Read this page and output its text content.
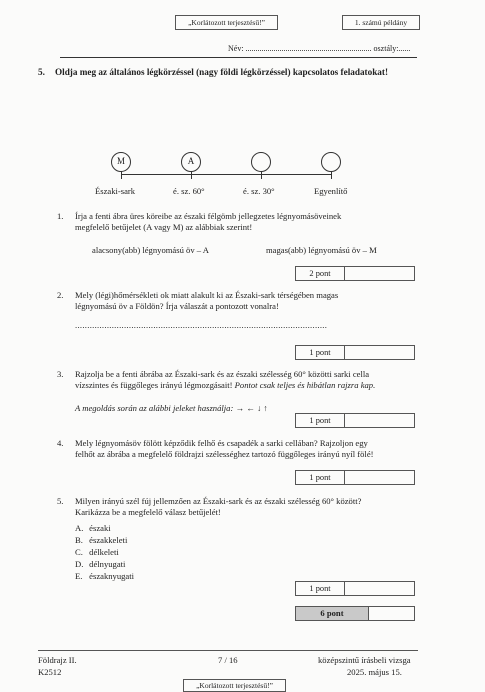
„Korlátozott terjesztésű!”	1. számú példány
Név: ............................................................... osztály:......
5. Oldja meg az általános légkörzéssel (nagy földi légkörzéssel) kapcsolatos feladatokat!
M	A
Északi-sark	é. sz. 60°	é. sz. 30°	Egyenlítő
1. Írja a fenti ábra üres köreibe az északi félgömb jellegzetes légnyomásöveinek
megfelelő betűjelet (A vagy M) az alábbiak szerint!
alacsony(abb) légnyomású öv – A	magas(abb) légnyomású öv – M
2 pont
2. Mely (légi)hőmérsékleti ok miatt alakult ki az Északi-sark térségében magas
légnyomású öv a Földön? Írja válaszát a pontozott vonalra!
.......................................................................................................
1 pont
3. Rajzolja be a fenti ábrába az Északi-sark és az északi szélesség 60° közötti sarki cella
vízszintes és függőleges irányú légmozgásait! Pontot csak teljes és hibátlan rajzra kap.
A megoldás során az alábbi jeleket használja: → ← ↓ ↑
1 pont
4. Mely légnyomásöv fölött képződik felhő és csapadék a sarki cellában? Rajzoljon egy
felhőt az ábrába a megfelelő földrajzi szélességhez tartozó függőleges irányú nyíl fölé!
1 pont
5. Milyen irányú szél fúj jellemzően az Északi-sark és az északi szélesség 60° között?
Karikázza be a megfelelő válasz betűjelét!
A. északi
B. északkeleti
C. délkeleti
D. délnyugati
E. északnyugati
1 pont
6 pont
Földrajz II.
K2512
7 / 16	középszintű írásbeli vizsga
2025. május 15.
„Korlátozott terjesztésű!”
